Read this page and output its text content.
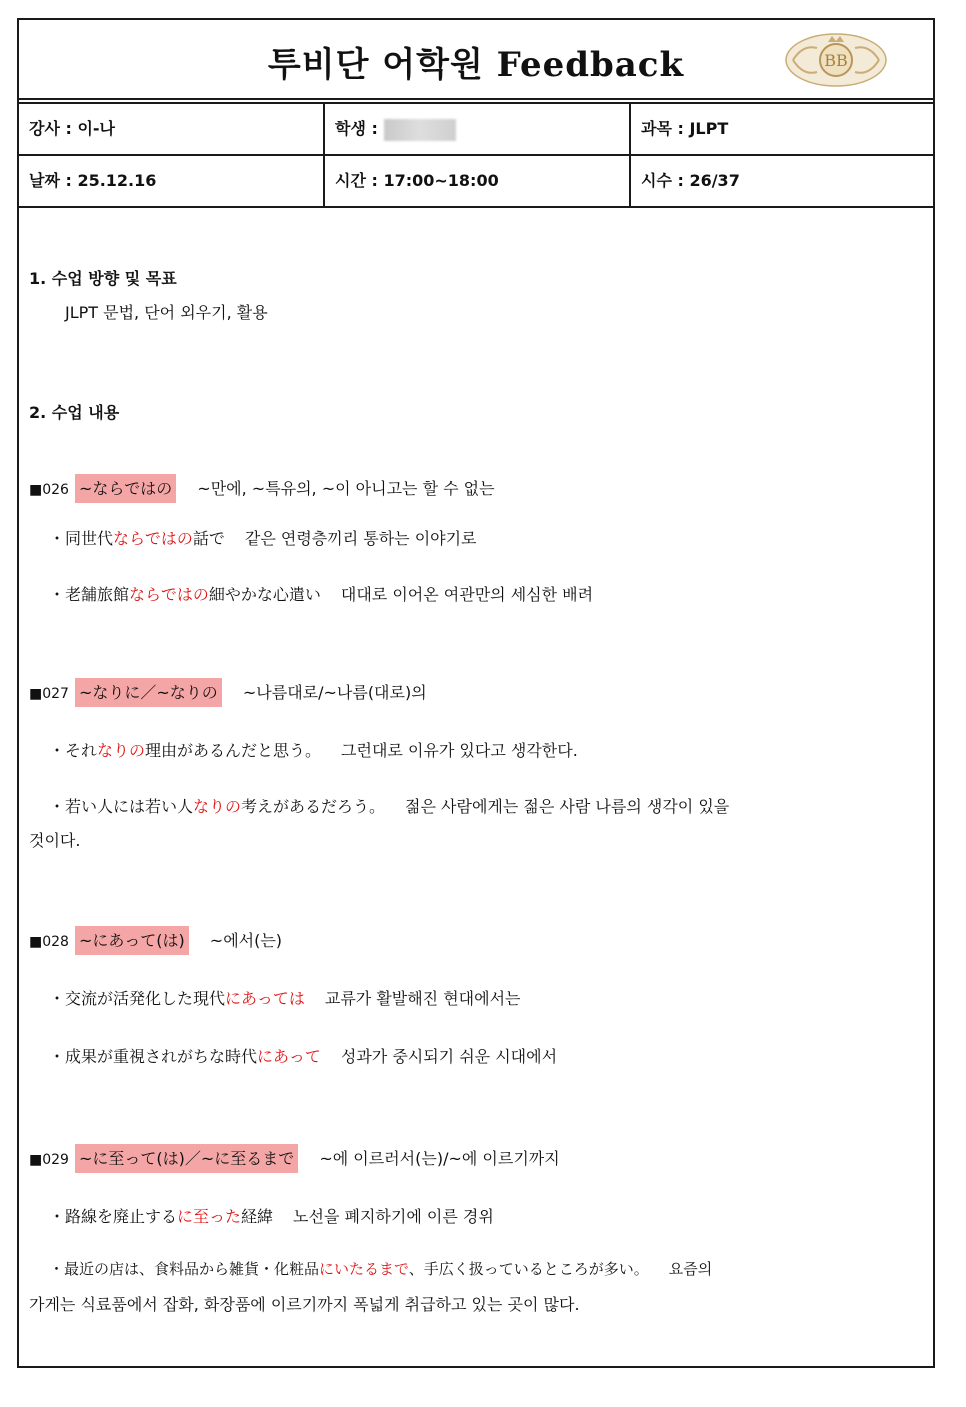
투비단 어학원 Feedback	BB
강사 : 이-나	학생 :	과목 : JLPT
날짜 : 25.12.16	시간 : 17:00~18:00	시수 : 26/37
1. 수업 방향 및 목표
JLPT 문법, 단어 외우기, 활용
2. 수업 내용
■026 ~ならではの ~만에, ~특유의, ~이 아니고는 할 수 없는
・同世代ならではの話で 같은 연령층끼리 통하는 이야기로
・老舗旅館ならではの細やかな心遣い 대대로 이어온 여관만의 세심한 배려
■027 ~なりに／~なりの ~나름대로/~나름(대로)의
・それなりの理由があるんだと思う。 그런대로 이유가 있다고 생각한다.
・若い人には若い人なりの考えがあるだろう。 젊은 사람에게는 젊은 사람 나름의 생각이 있을
것이다.
■028 ~にあって(は) ~에서(는)
・交流が活発化した現代にあっては 교류가 활발해진 현대에서는
・成果が重視されがちな時代にあって 성과가 중시되기 쉬운 시대에서
■029 ~に至って(は)／~に至るまで ~에 이르러서(는)/~에 이르기까지
・路線を廃止するに至った経緯 노선을 폐지하기에 이른 경위
・最近の店は、食料品から雑貨・化粧品にいたるまで、手広く扱っているところが多い。 요즘의
가게는 식료품에서 잡화, 화장품에 이르기까지 폭넓게 취급하고 있는 곳이 많다.
